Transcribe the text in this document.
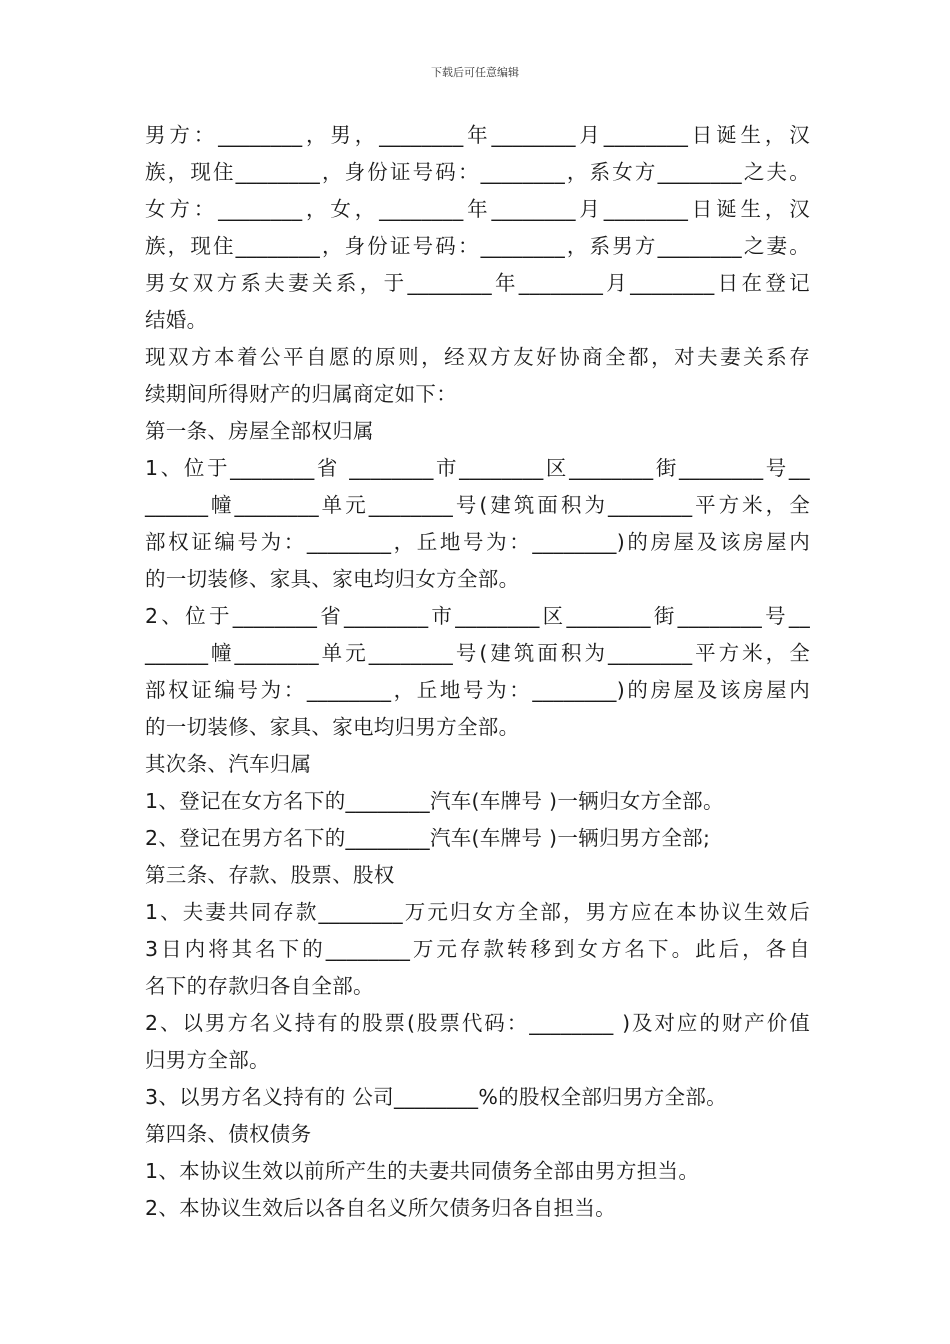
下载后可任意编辑
男方：________，男，________年________月________日诞生，汉
族，现住________，身份证号码：________，系女方________之夫。
女方：________，女，________年________月________日诞生，汉
族，现住________，身份证号码：________，系男方________之妻。
男女双方系夫妻关系，于________年________月________日在登记
结婚。
现双方本着公平自愿的原则，经双方友好协商全都，对夫妻关系存
续期间所得财产的归属商定如下：
第一条、房屋全部权归属
1、位于________省 ________市________区________街________号__
______幢________单元________号(建筑面积为________平方米，全
部权证编号为：________，丘地号为：________)的房屋及该房屋内
的一切装修、家具、家电均归女方全部。
2、位于________省________市________区________街________号__
______幢________单元________号(建筑面积为________平方米，全
部权证编号为：________，丘地号为：________)的房屋及该房屋内
的一切装修、家具、家电均归男方全部。
其次条、汽车归属
1、登记在女方名下的________汽车(车牌号 )一辆归女方全部。
2、登记在男方名下的________汽车(车牌号 )一辆归男方全部;
第三条、存款、股票、股权
1、夫妻共同存款________万元归女方全部，男方应在本协议生效后
3日内将其名下的________万元存款转移到女方名下。此后，各自
名下的存款归各自全部。
2、以男方名义持有的股票(股票代码：________ )及对应的财产价值
归男方全部。
3、以男方名义持有的 公司________%的股权全部归男方全部。
第四条、债权债务
1、本协议生效以前所产生的夫妻共同债务全部由男方担当。
2、本协议生效后以各自名义所欠债务归各自担当。
